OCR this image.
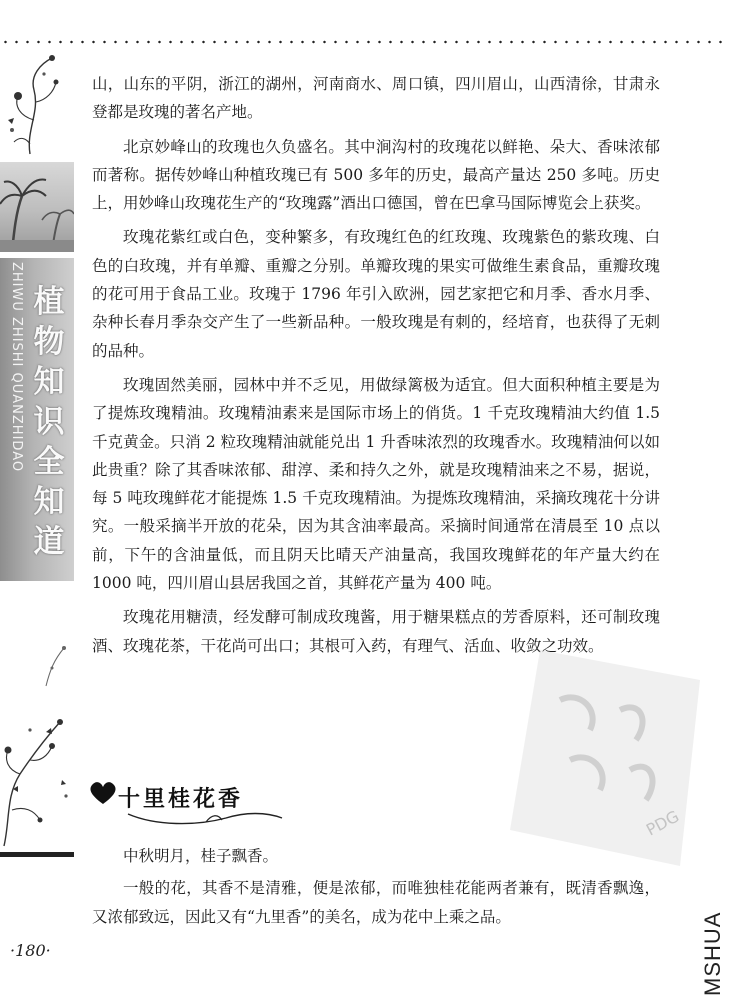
ZHIWU ZHISHI QUANZHIDAO 植
物
知
识
全
知
道

山，山东的平阴，浙江的湖州，河南商水、周口镇，四川眉山，山西清徐，甘肃永登都是玫瑰的著名产地。

北京妙峰山的玫瑰也久负盛名。其中涧沟村的玫瑰花以鲜艳、朵大、香味浓郁而著称。据传妙峰山种植玫瑰已有 500 多年的历史，最高产量达 250 多吨。历史上，用妙峰山玫瑰花生产的“玫瑰露”酒出口德国，曾在巴拿马国际博览会上获奖。

玫瑰花紫红或白色，变种繁多，有玫瑰红色的红玫瑰、玫瑰紫色的紫玫瑰、白色的白玫瑰，并有单瓣、重瓣之分别。单瓣玫瑰的果实可做维生素食品，重瓣玫瑰的花可用于食品工业。玫瑰于 1796 年引入欧洲，园艺家把它和月季、香水月季、杂种长春月季杂交产生了一些新品种。一般玫瑰是有刺的，经培育，也获得了无刺的品种。

玫瑰固然美丽，园林中并不乏见，用做绿篱极为适宜。但大面积种植主要是为了提炼玫瑰精油。玫瑰精油素来是国际市场上的俏货。1 千克玫瑰精油大约值 1.5 千克黄金。只消 2 粒玫瑰精油就能兑出 1 升香味浓烈的玫瑰香水。玫瑰精油何以如此贵重？除了其香味浓郁、甜淳、柔和持久之外，就是玫瑰精油来之不易，据说，每 5 吨玫瑰鲜花才能提炼 1.5 千克玫瑰精油。为提炼玫瑰精油，采摘玫瑰花十分讲究。一般采摘半开放的花朵，因为其含油率最高。采摘时间通常在清晨至 10 点以前，下午的含油量低，而且阴天比晴天产油量高，我国玫瑰鲜花的年产量大约在 1000 吨，四川眉山县居我国之首，其鲜花产量为 400 吨。

玫瑰花用糖渍，经发酵可制成玫瑰酱，用于糖果糕点的芳香原料，还可制玫瑰酒、玫瑰花茶，干花尚可出口；其根可入药，有理气、活血、收敛之功效。

PDG
十里桂花香

中秋明月，桂子飘香。

一般的花，其香不是清雅，便是浓郁，而唯独桂花能两者兼有，既清香飘逸，又浓郁致远，因此又有“九里香”的美名，成为花中上乘之品。

·180·	MSHUA
